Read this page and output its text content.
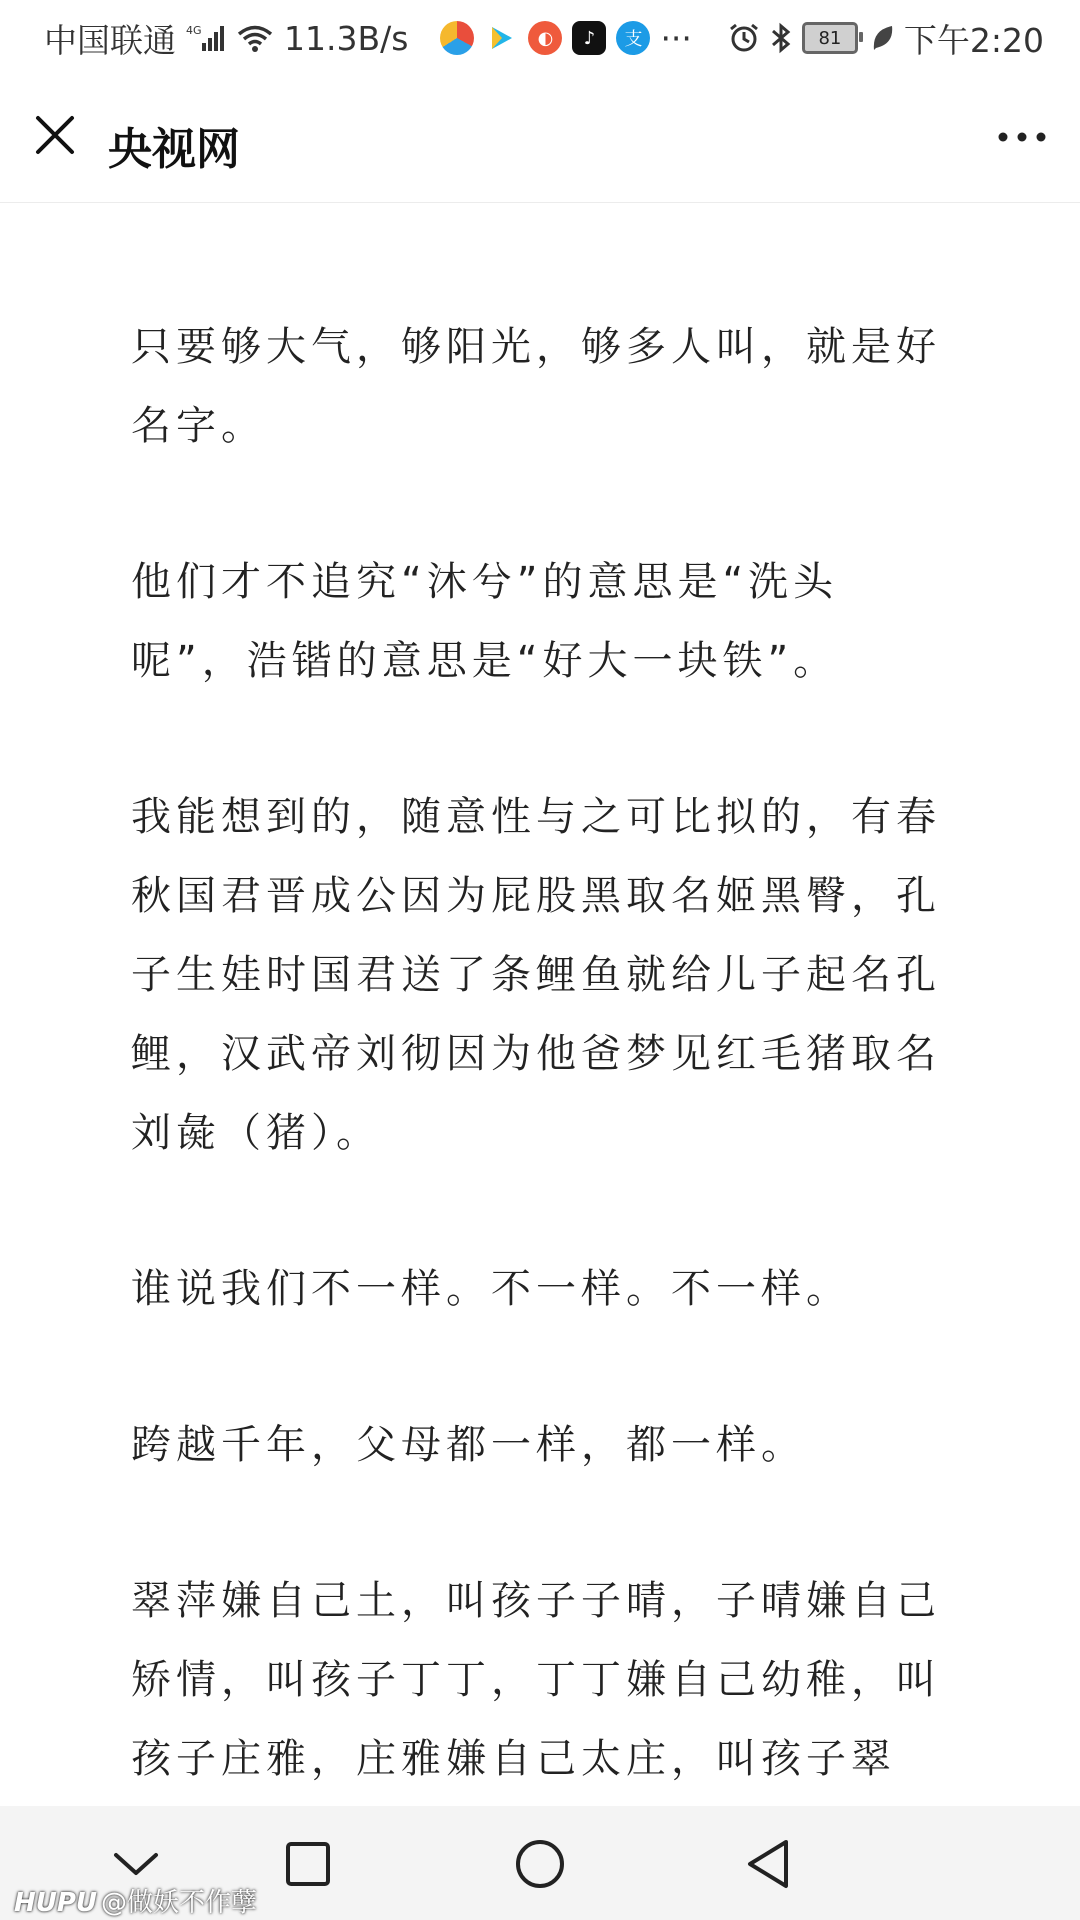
中国联通 4G 11.3B/s	◐	♪	支 ···	81 下午2:20
央视网

只要够大气，够阳光，够多人叫，就是好名字。

他们才不追究“沐兮”的意思是“洗头呢”，浩锴的意思是“好大一块铁”。

我能想到的，随意性与之可比拟的，有春秋国君晋成公因为屁股黑取名姬黑臀，孔子生娃时国君送了条鲤鱼就给儿子起名孔鲤，汉武帝刘彻因为他爸梦见红毛猪取名刘彘（猪）。

谁说我们不一样。不一样。不一样。

跨越千年，父母都一样，都一样。

翠萍嫌自己土，叫孩子子晴，子晴嫌自己矫情，叫孩子丁丁，丁丁嫌自己幼稚，叫孩子庄雅，庄雅嫌自己太庄，叫孩子翠

HUPU @做妖不作孽
